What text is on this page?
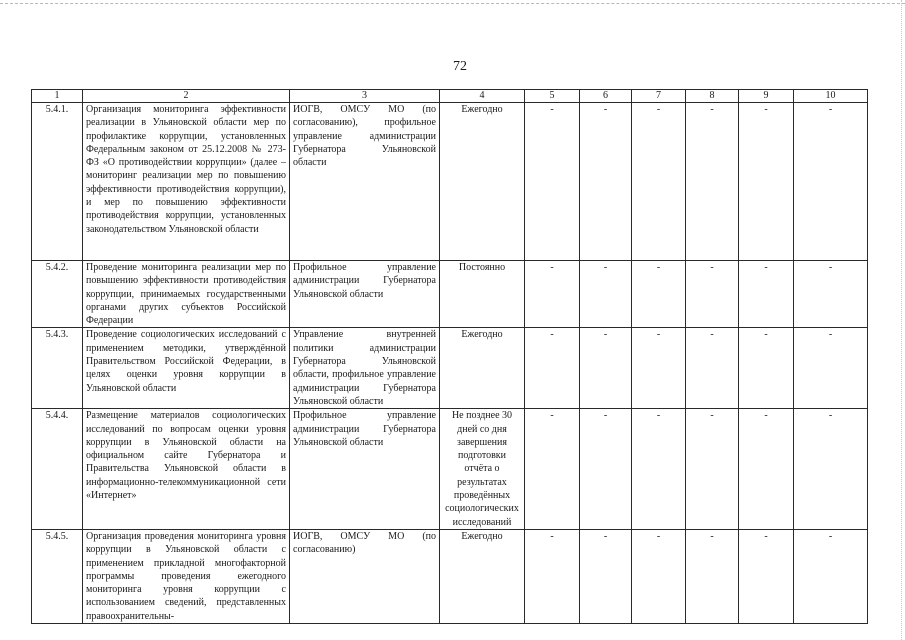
72
1	2	3	4	5	6	7	8	9	10
5.4.1.	Организация мониторинга эффективности реализации в Ульяновской области мер по профилактике коррупции, установленных Федеральным законом от 25.12.2008 № 273-ФЗ «О противодействии коррупции» (далее – мониторинг реализации мер по повышению эффективности противодействия коррупции), и мер по повышению эффективности противодействия коррупции, установленных законодательством Ульяновской области	ИОГВ, ОМСУ МО (по согласованию), профильное управление администрации Губернатора Ульяновской области	Ежегодно	-	-	-	-	-	-
5.4.2.	Проведение мониторинга реализации мер по повышению эффективности противодействия коррупции, принимаемых государственными органами других субъектов Российской Федерации	Профильное управление администрации Губернатора Ульяновской области	Постоянно	-	-	-	-	-	-
5.4.3.	Проведение социологических исследований с применением методики, утверждённой Правительством Российской Федерации, в целях оценки уровня коррупции в Ульяновской области	Управление внутренней политики администрации Губернатора Ульяновской области, профильное управление администрации Губернатора Ульяновской области	Ежегодно	-	-	-	-	-	-
5.4.4.	Размещение материалов социологических исследований по вопросам оценки уровня коррупции в Ульяновской области на официальном сайте Губернатора и Правительства Ульяновской области в информационно-телекоммуникационной сети «Интернет»	Профильное управление администрации Губернатора Ульяновской области	Не позднее 30 дней со дня завершения подготовки отчёта о результатах проведённых социологических исследований	-	-	-	-	-	-
5.4.5.	Организация проведения мониторинга уровня коррупции в Ульяновской области с применением прикладной многофакторной программы проведения ежегодного мониторинга уровня коррупции с использованием сведений, представленных правоохранительны-	ИОГВ, ОМСУ МО (по согласованию)	Ежегодно	-	-	-	-	-	-
